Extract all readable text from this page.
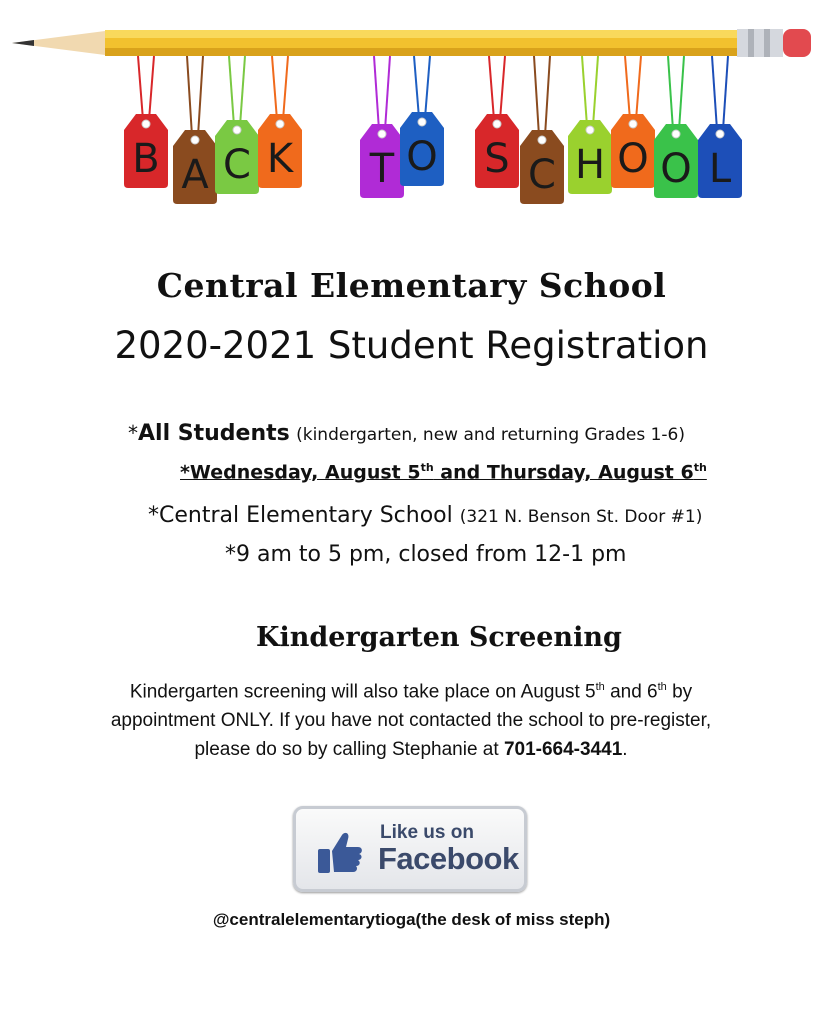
B A C K T O S C H O O L
Central Elementary School
2020-2021 Student Registration
*All Students (kindergarten, new and returning Grades 1-6)
*Wednesday, August 5th and Thursday, August 6th
*Central Elementary School (321 N. Benson St. Door #1)
*9 am to 5 pm, closed from 12-1 pm
Kindergarten Screening
Kindergarten screening will also take place on August 5th and 6th by appointment ONLY. If you have not contacted the school to pre-register, please do so by calling Stephanie at 701-664-3441.
Like us on
Facebook
@centralelementarytioga(the desk of miss steph)
